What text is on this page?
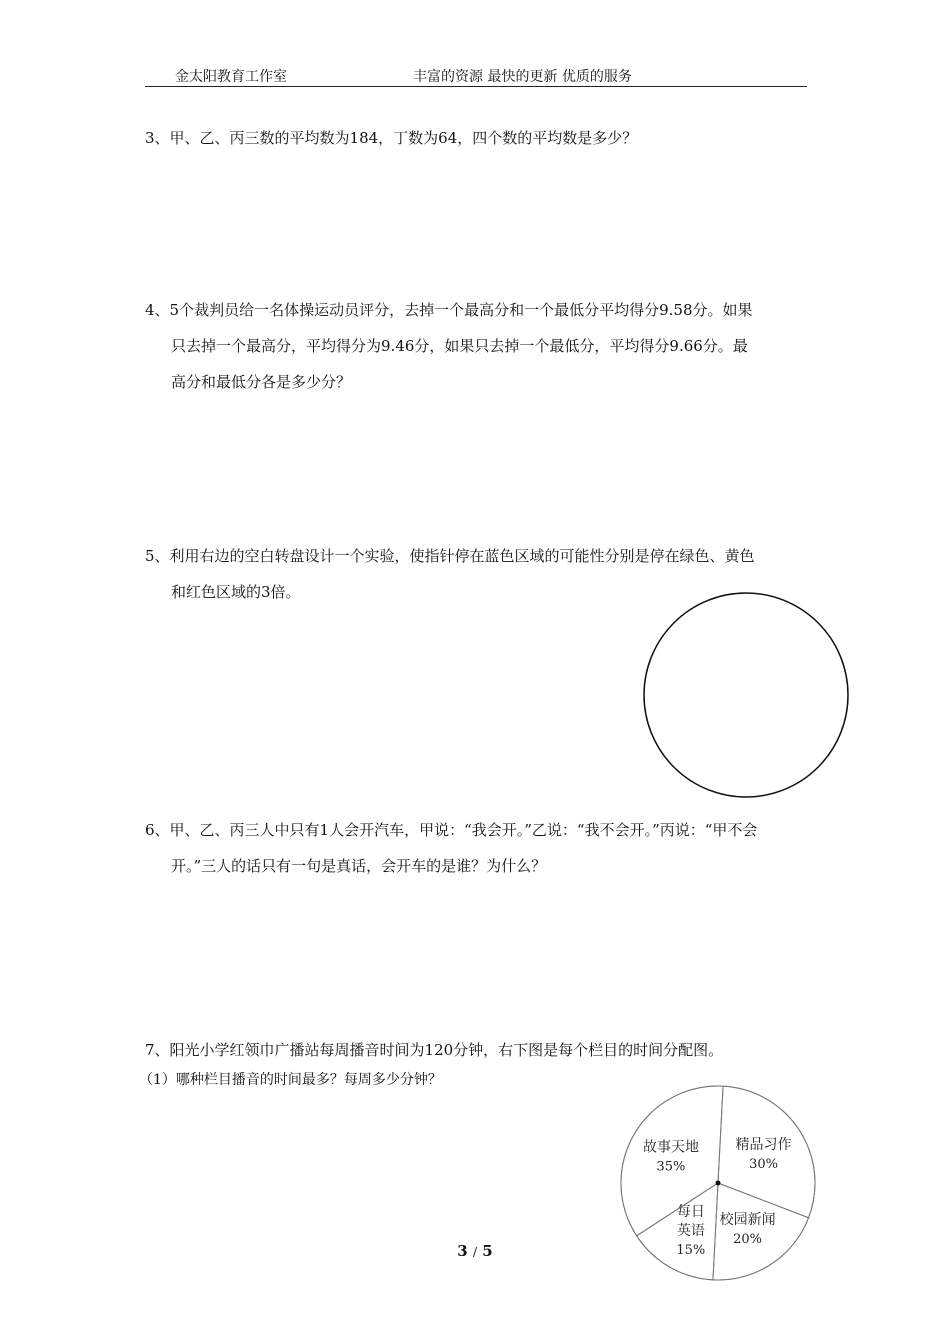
金太阳教育工作室	丰富的资源 最快的更新 优质的服务
3、甲、乙、丙三数的平均数为184，丁数为64，四个数的平均数是多少？
4、5个裁判员给一名体操运动员评分，去掉一个最高分和一个最低分平均得分9.58分。如果
只去掉一个最高分，平均得分为9.46分，如果只去掉一个最低分，平均得分9.66分。最
高分和最低分各是多少分？
5、利用右边的空白转盘设计一个实验，使指针停在蓝色区域的可能性分别是停在绿色、黄色
和红色区域的3倍。
6、甲、乙、丙三人中只有1人会开汽车，甲说：“我会开。”乙说：“我不会开。”丙说：“甲不会
开。”三人的话只有一句是真话，会开车的是谁？为什么？
7、阳光小学红领巾广播站每周播音时间为120分钟，右下图是每个栏目的时间分配图。
（1）哪种栏目播音的时间最多？每周多少分钟？
精品习作
30%
校园新闻
20%
每日
英语
15%
故事天地
35%
3 / 5
